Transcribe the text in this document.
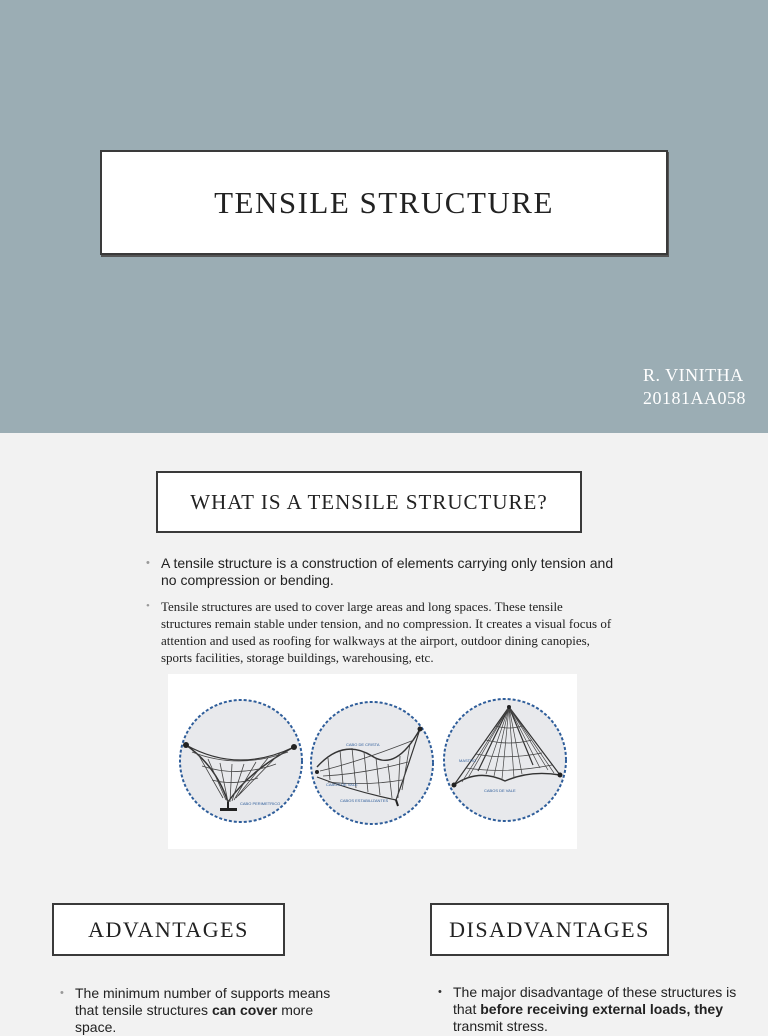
TENSILE STRUCTURE
R. VINITHA
20181AA058
WHAT IS A TENSILE STRUCTURE?
• A tensile structure is a construction of elements carrying only tension and no compression or bending.
• Tensile structures are used to cover large areas and long spaces. These tensile structures remain stable under tension, and no compression. It creates a visual focus of attention and used as roofing for walkways at the airport, outdoor dining canopies, sports facilities, storage buildings, warehousing, etc.
CABO PERIMETRICO
CABO DE CRISTA
CABOS DE VALE
CABOS ESTABILIZANTES
MASTRO
CABOS DE VALE
ADVANTAGES	DISADVANTAGES
• The minimum number of supports means that tensile structures can cover more space.
• The major disadvantage of these structures is that before receiving external loads, they transmit stress.
